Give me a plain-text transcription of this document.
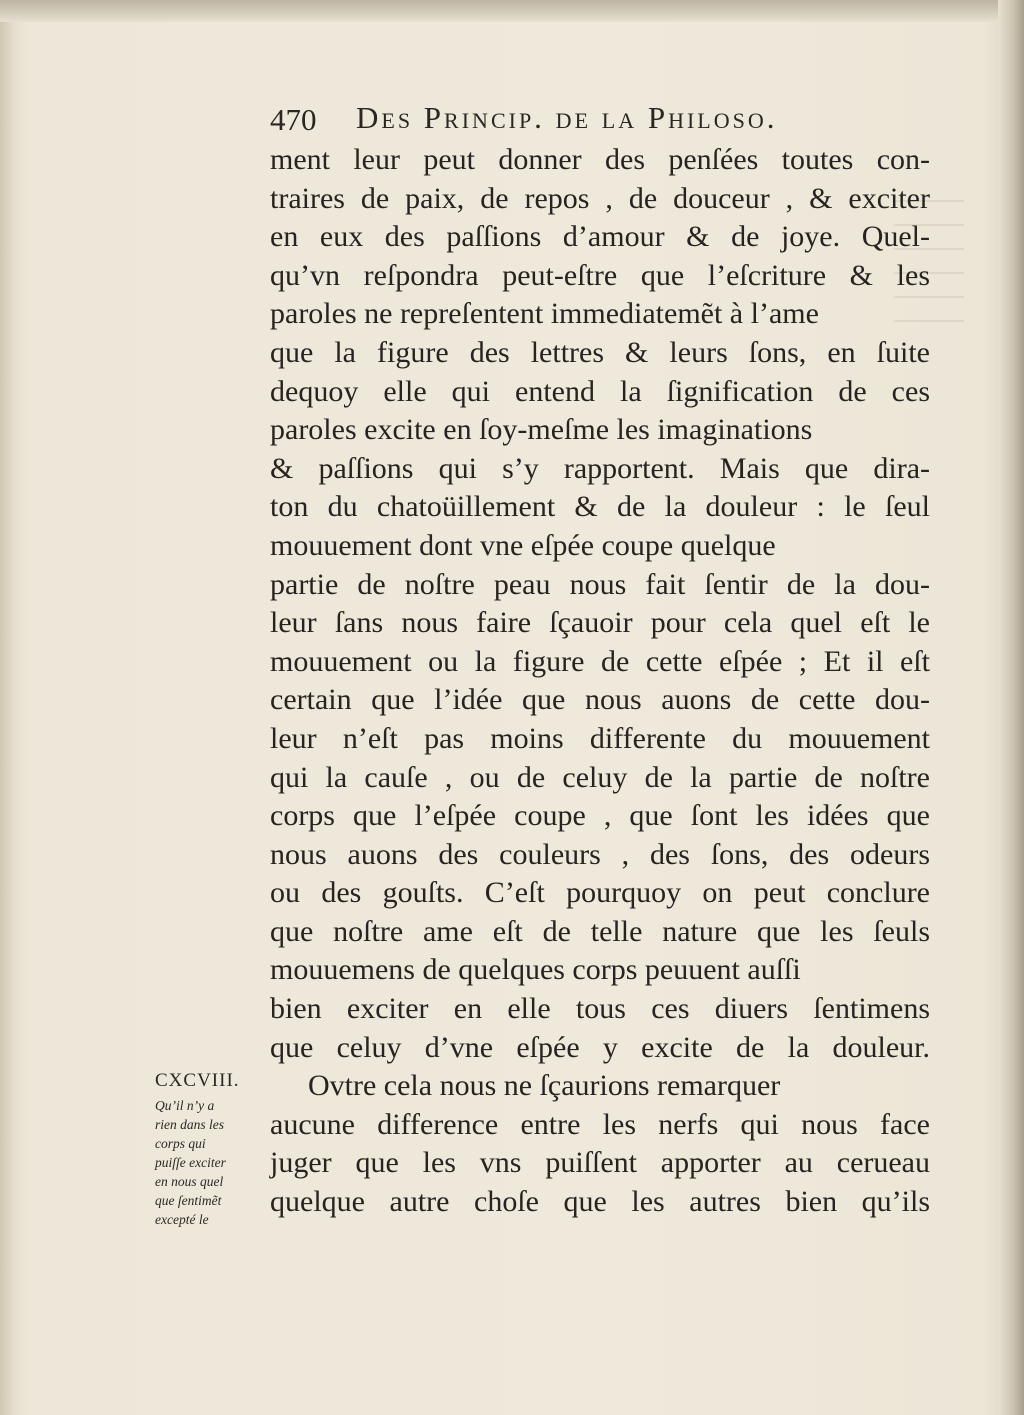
470 Des Princip. de la Philoso.
ment leur peut donner des penſées toutes con-
traires de paix, de repos , de douceur , & exciter
en eux des paſſions d’amour & de joye. Quel-
qu’vn reſpondra peut-eſtre que l’eſcriture & les
paroles ne repreſentent immediatemẽt à l’ame
que la figure des lettres & leurs ſons, en ſuite
dequoy elle qui entend la ſignification de ces
paroles excite en ſoy-meſme les imaginations
& paſſions qui s’y rapportent. Mais que dira-
ton du chatoüillement & de la douleur : le ſeul
mouuement dont vne eſpée coupe quelque
partie de noſtre peau nous fait ſentir de la dou-
leur ſans nous faire ſçauoir pour cela quel eſt le
mouuement ou la figure de cette eſpée ; Et il eſt
certain que l’idée que nous auons de cette dou-
leur n’eſt pas moins differente du mouuement
qui la cauſe , ou de celuy de la partie de noſtre
corps que l’eſpée coupe , que ſont les idées que
nous auons des couleurs , des ſons, des odeurs
ou des gouſts. C’eſt pourquoy on peut conclure
que noſtre ame eſt de telle nature que les ſeuls
mouuemens de quelques corps peuuent auſſi
bien exciter en elle tous ces diuers ſentimens
que celuy d’vne eſpée y excite de la douleur.
Ovtre cela nous ne ſçaurions remarquer
aucune difference entre les nerfs qui nous face
juger que les vns puiſſent apporter au cerueau
quelque autre choſe que les autres bien qu’ils
CXCVIII.
Qu’il n’y a
rien dans les
corps qui
puiſſe exciter
en nous quel
que ſentimẽt
excepté le
